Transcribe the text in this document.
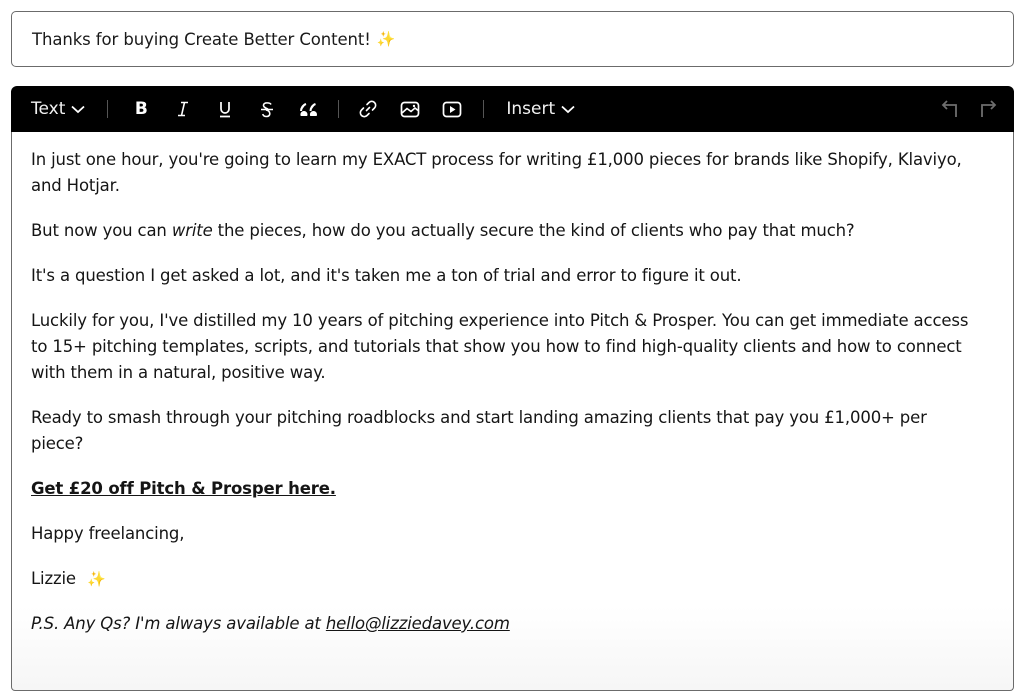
Thanks for buying Create Better Content! ✨
Text	B	Insert

In just one hour, you're going to learn my EXACT process for writing £1,000 pieces for brands like Shopify, Klaviyo, and Hotjar.

But now you can write the pieces, how do you actually secure the kind of clients who pay that much?

It's a question I get asked a lot, and it's taken me a ton of trial and error to figure it out.

Luckily for you, I've distilled my 10 years of pitching experience into Pitch & Prosper. You can get immediate access to 15+ pitching templates, scripts, and tutorials that show you how to find high-quality clients and how to connect with them in a natural, positive way.

Ready to smash through your pitching roadblocks and start landing amazing clients that pay you £1,000+ per piece?

Get £20 off Pitch & Prosper here.

Happy freelancing,

Lizzie ✨

P.S. Any Qs? I'm always available at hello@lizziedavey.com
